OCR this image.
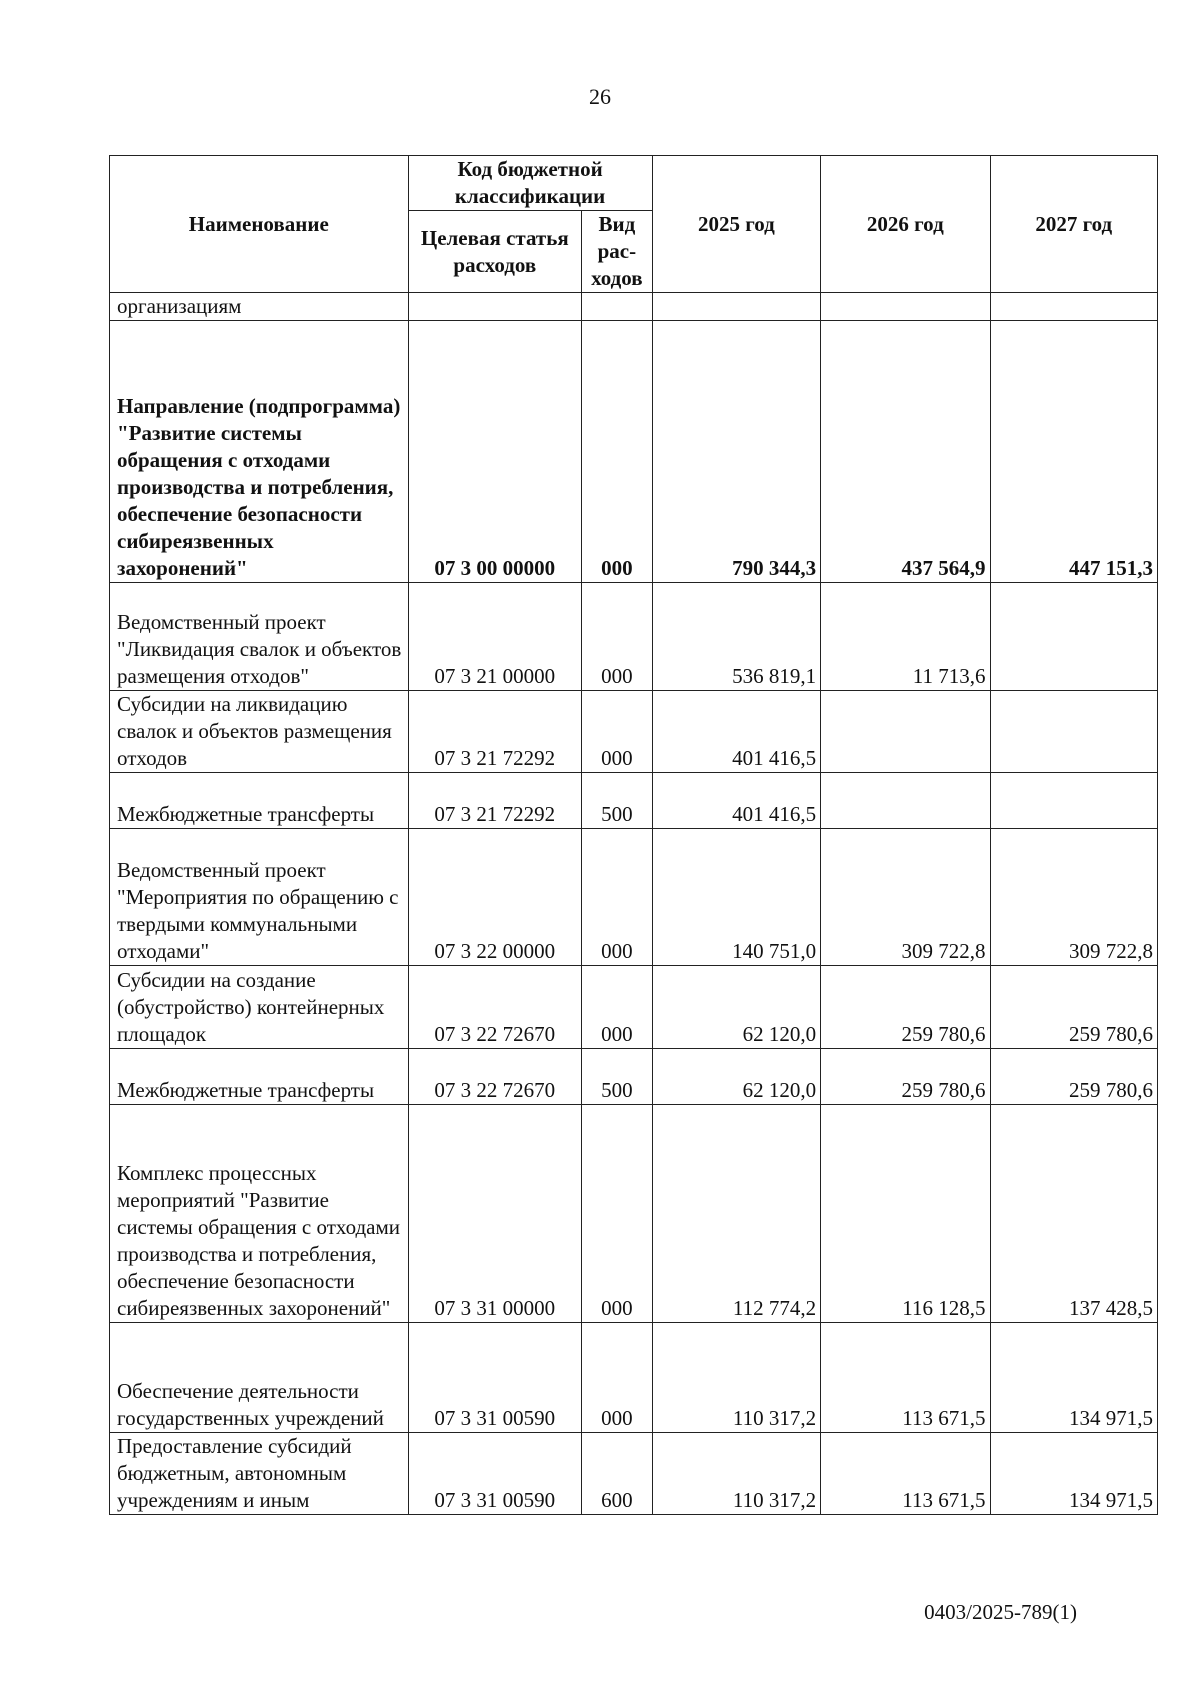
26
Наименование	Код бюджетной классификации		2025 год	2026 год	2027 год
	Целевая статья расходов	Вид рас-ходов			
организациям					
Направление (подпрограмма) "Развитие системы обращения с отходами производства и потребления, обеспечение безопасности сибиреязвенных захоронений"	07 3 00 00000	000	790 344,3	437 564,9	447 151,3
Ведомственный проект "Ликвидация свалок и объектов размещения отходов"	07 3 21 00000	000	536 819,1	11 713,6	
Субсидии на ликвидацию свалок и объектов размещения отходов	07 3 21 72292	000	401 416,5		
Межбюджетные трансферты	07 3 21 72292	500	401 416,5		
Ведомственный проект "Мероприятия по обращению с твердыми коммунальными отходами"	07 3 22 00000	000	140 751,0	309 722,8	309 722,8
Субсидии на создание (обустройство) контейнерных площадок	07 3 22 72670	000	62 120,0	259 780,6	259 780,6
Межбюджетные трансферты	07 3 22 72670	500	62 120,0	259 780,6	259 780,6
Комплекс процессных мероприятий "Развитие системы обращения с отходами производства и потребления, обеспечение безопасности сибиреязвенных захоронений"	07 3 31 00000	000	112 774,2	116 128,5	137 428,5
Обеспечение деятельности государственных учреждений	07 3 31 00590	000	110 317,2	113 671,5	134 971,5
Предоставление субсидий бюджетным, автономным учреждениям и иным	07 3 31 00590	600	110 317,2	113 671,5	134 971,5
0403/2025-789(1)
